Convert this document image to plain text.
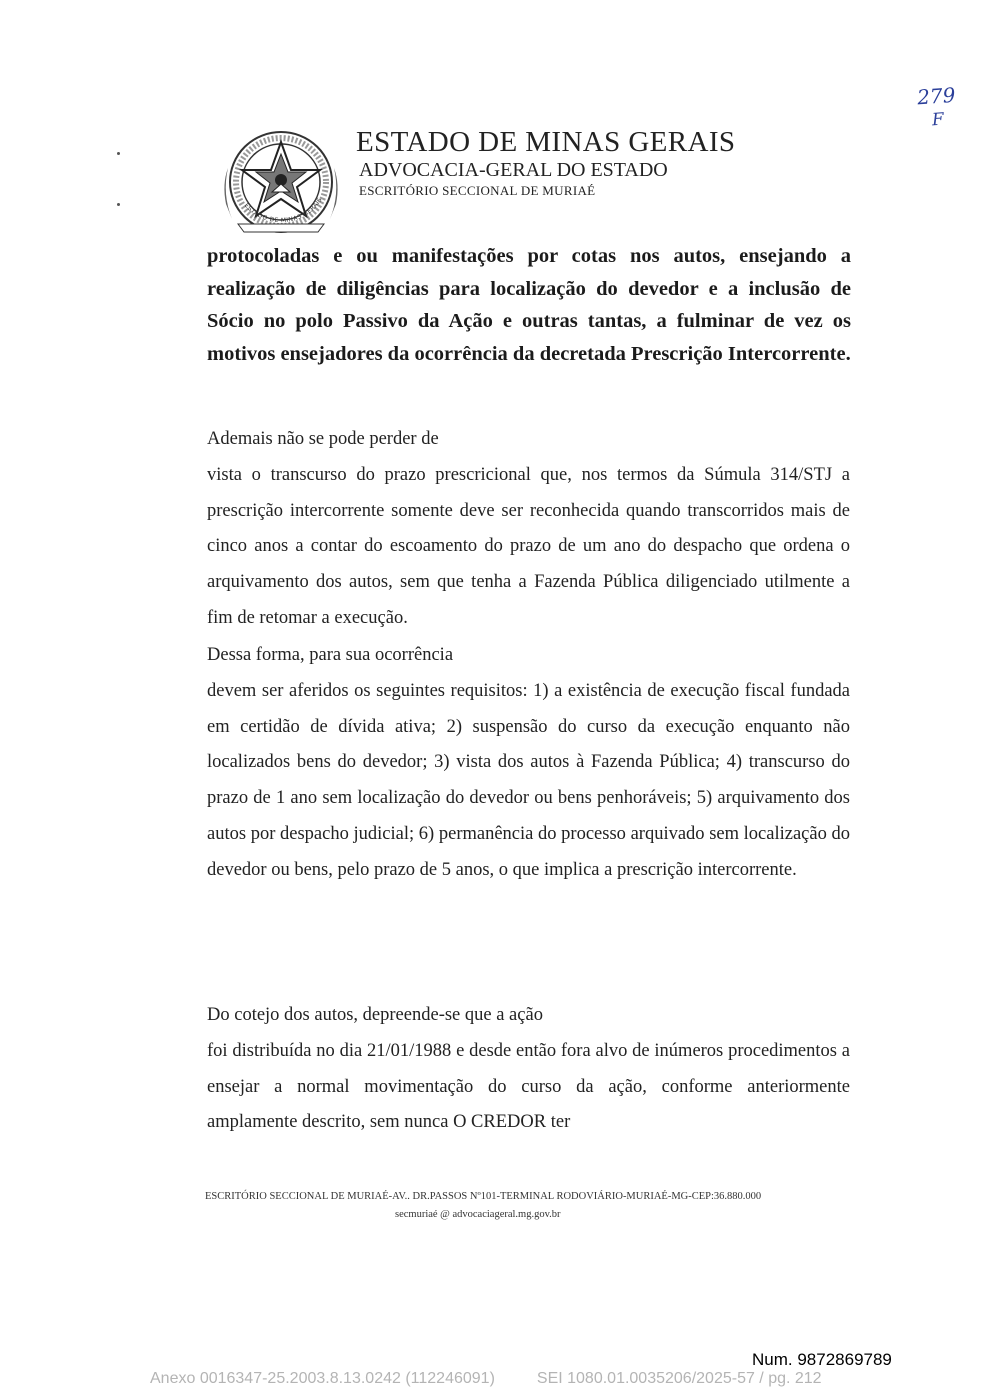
279
F
ESTADO DE MINAS GERAIS
ESTADO DE MINAS GERAIS
ADVOCACIA-GERAL DO ESTADO
ESCRITÓRIO SECCIONAL DE MURIAÉ

protocoladas e ou manifestações por cotas nos autos, ensejando a realização de diligências para localização do devedor e a inclusão de Sócio no polo Passivo da Ação e outras tantas, a fulminar de vez os motivos ensejadores da ocorrência da decretada Prescrição Intercorrente.

Ademais não se pode perder de vista o transcurso do prazo prescricional que, nos termos da Súmula 314/STJ a prescrição intercorrente somente deve ser reconhecida quando transcorridos mais de cinco anos a contar do escoamento do prazo de um ano do despacho que ordena o arquivamento dos autos, sem que tenha a Fazenda Pública diligenciado utilmente a fim de retomar a execução.

Dessa forma, para sua ocorrência devem ser aferidos os seguintes requisitos: 1) a existência de execução fiscal fundada em certidão de dívida ativa; 2) suspensão do curso da execução enquanto não localizados bens do devedor; 3) vista dos autos à Fazenda Pública; 4) transcurso do prazo de 1 ano sem localização do devedor ou bens penhoráveis; 5) arquivamento dos autos por despacho judicial; 6) permanência do processo arquivado sem localização do devedor ou bens, pelo prazo de 5 anos, o que implica a prescrição intercorrente.

Do cotejo dos autos, depreende-se que a ação foi distribuída no dia 21/01/1988 e desde então fora alvo de inúmeros procedimentos a ensejar a normal movimentação do curso da ação, conforme anteriormente amplamente descrito, sem nunca O CREDOR ter

ESCRITÓRIO SECCIONAL DE MURIAÉ-AV.. DR.PASSOS Nº101-TERMINAL RODOVIÁRIO-MURIAÉ-MG-CEP:36.880.000
secmuriaé @ advocaciageral.mg.gov.br
Num. 9872869789
Anexo 0016347-25.2003.8.13.0242 (112246091)	SEI 1080.01.0035206/2025-57 / pg. 212
